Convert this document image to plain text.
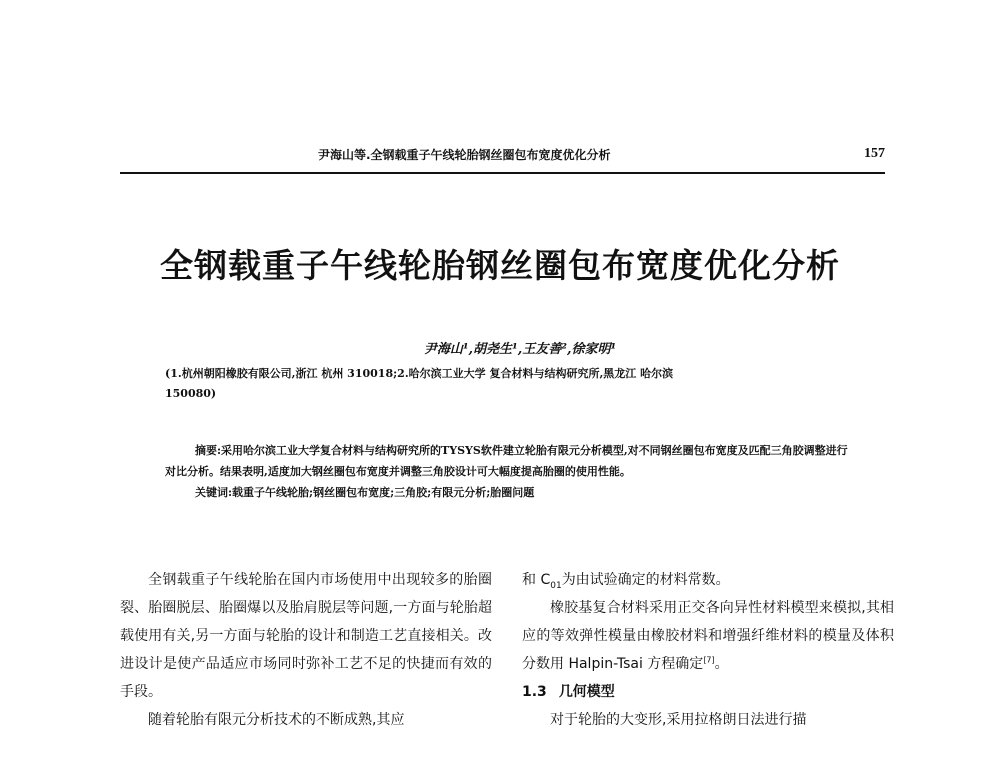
尹海山等.全钢载重子午线轮胎钢丝圈包布宽度优化分析	157
全钢载重子午线轮胎钢丝圈包布宽度优化分析
尹海山¹,胡尧生¹,王友善²,徐家明¹
(1.杭州朝阳橡胶有限公司,浙江 杭州 310018;2.哈尔滨工业大学 复合材料与结构研究所,黑龙江 哈尔滨
150080)

摘要:采用哈尔滨工业大学复合材料与结构研究所的TYSYS软件建立轮胎有限元分析模型,对不同钢丝圈包布宽度及匹配三角胶调整进行对比分析。结果表明,适度加大钢丝圈包布宽度并调整三角胶设计可大幅度提高胎圈的使用性能。

关键词:载重子午线轮胎;钢丝圈包布宽度;三角胶;有限元分析;胎圈问题

全钢载重子午线轮胎在国内市场使用中出现较多的胎圈裂、胎圈脱层、胎圈爆以及胎肩脱层等问题,一方面与轮胎超载使用有关,另一方面与轮胎的设计和制造工艺直接相关。改进设计是使产品适应市场同时弥补工艺不足的快捷而有效的手段。

随着轮胎有限元分析技术的不断成熟,其应

和 $C_{01}$为由试验确定的材料常数。

橡胶基复合材料采用正交各向异性材料模型来模拟,其相应的等效弹性模量由橡胶材料和增强纤维材料的模量及体积分数用 Halpin-Tsai 方程确定[7]。

1.3 几何模型

对于轮胎的大变形,采用拉格朗日法进行描
